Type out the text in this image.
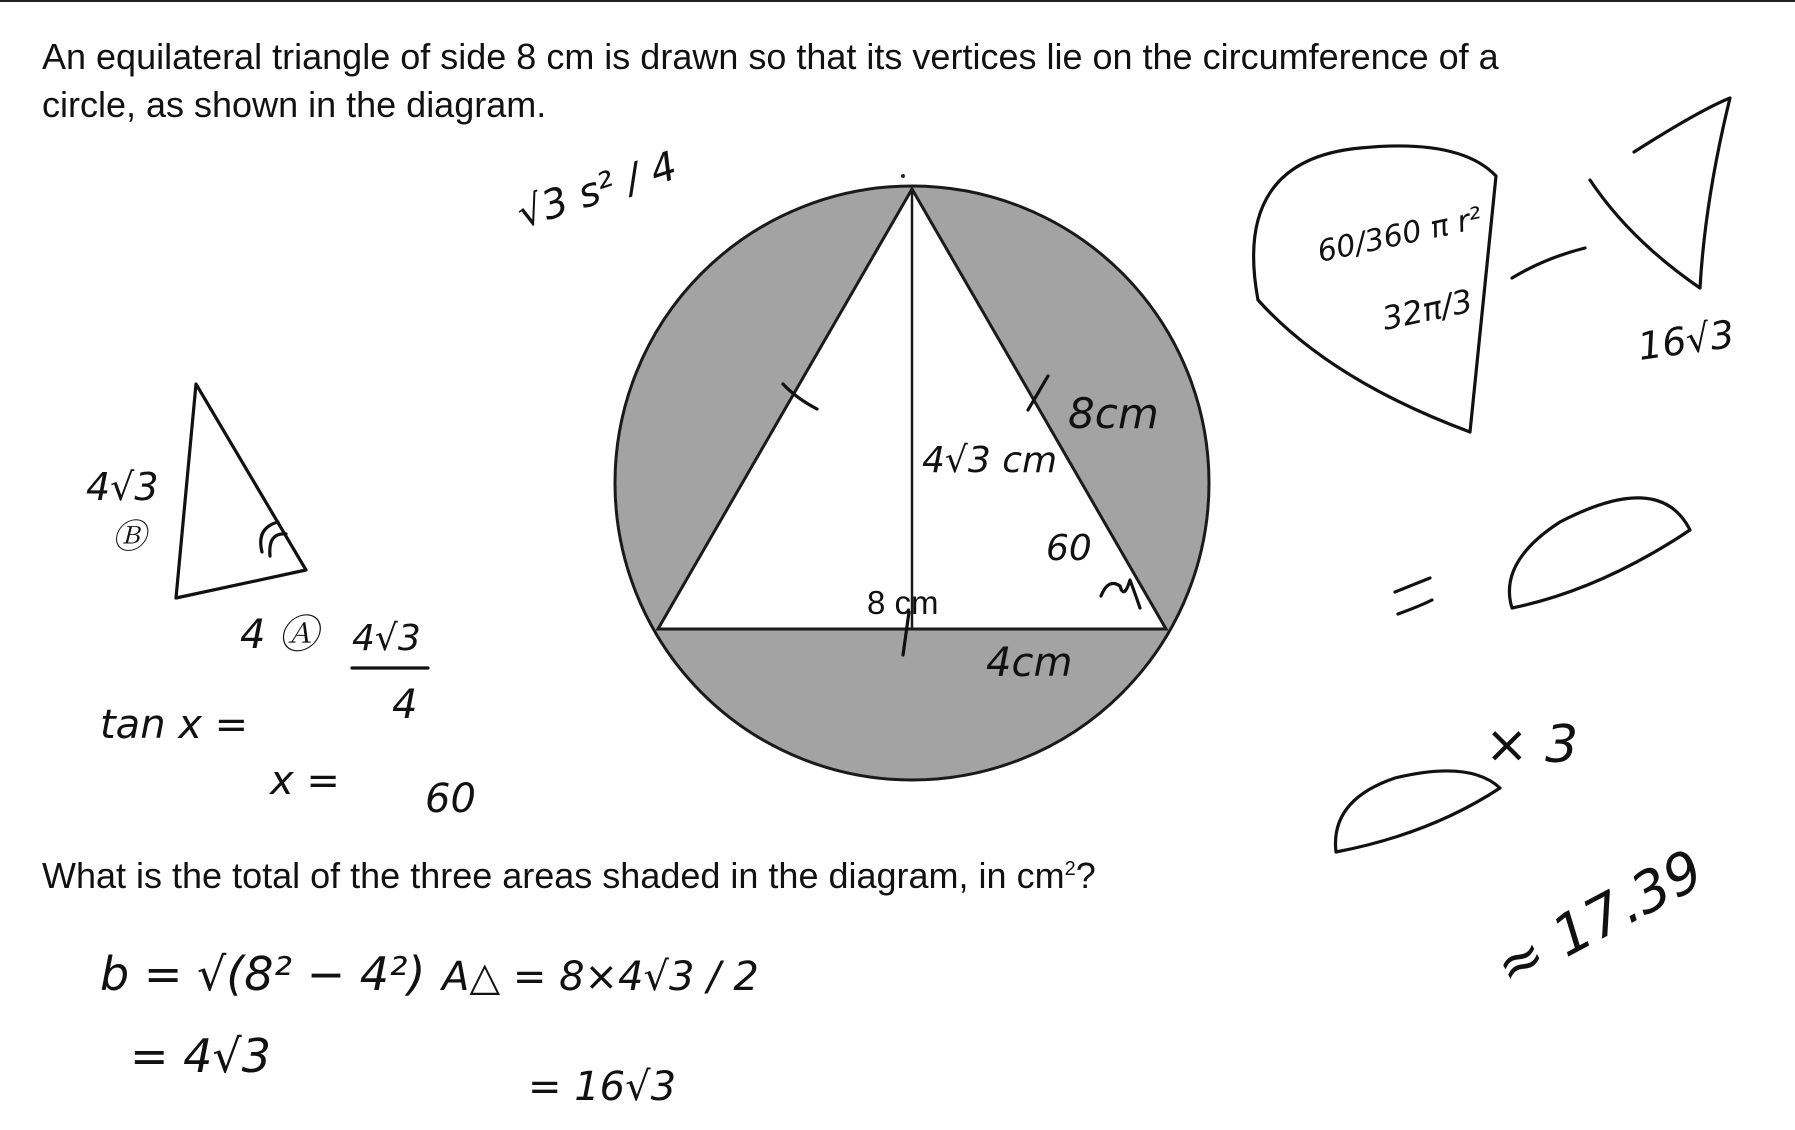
An equilateral triangle of side 8 cm is drawn so that its vertices lie on the circumference of a
circle, as shown in the diagram.

8 cm
8cm
4√3 cm
60
4cm
√3 s² / 4
4√3
Ⓑ
4 Ⓐ 4√3
4
tan x =
x = 60
60/360 π r²
32π/3
16√3
× 3
≈ 17.39
b = √(8² − 4²)
= 4√3
A△ = 8×4√3 / 2
= 16√3

What is the total of the three areas shaded in the diagram, in $cm^2$?
